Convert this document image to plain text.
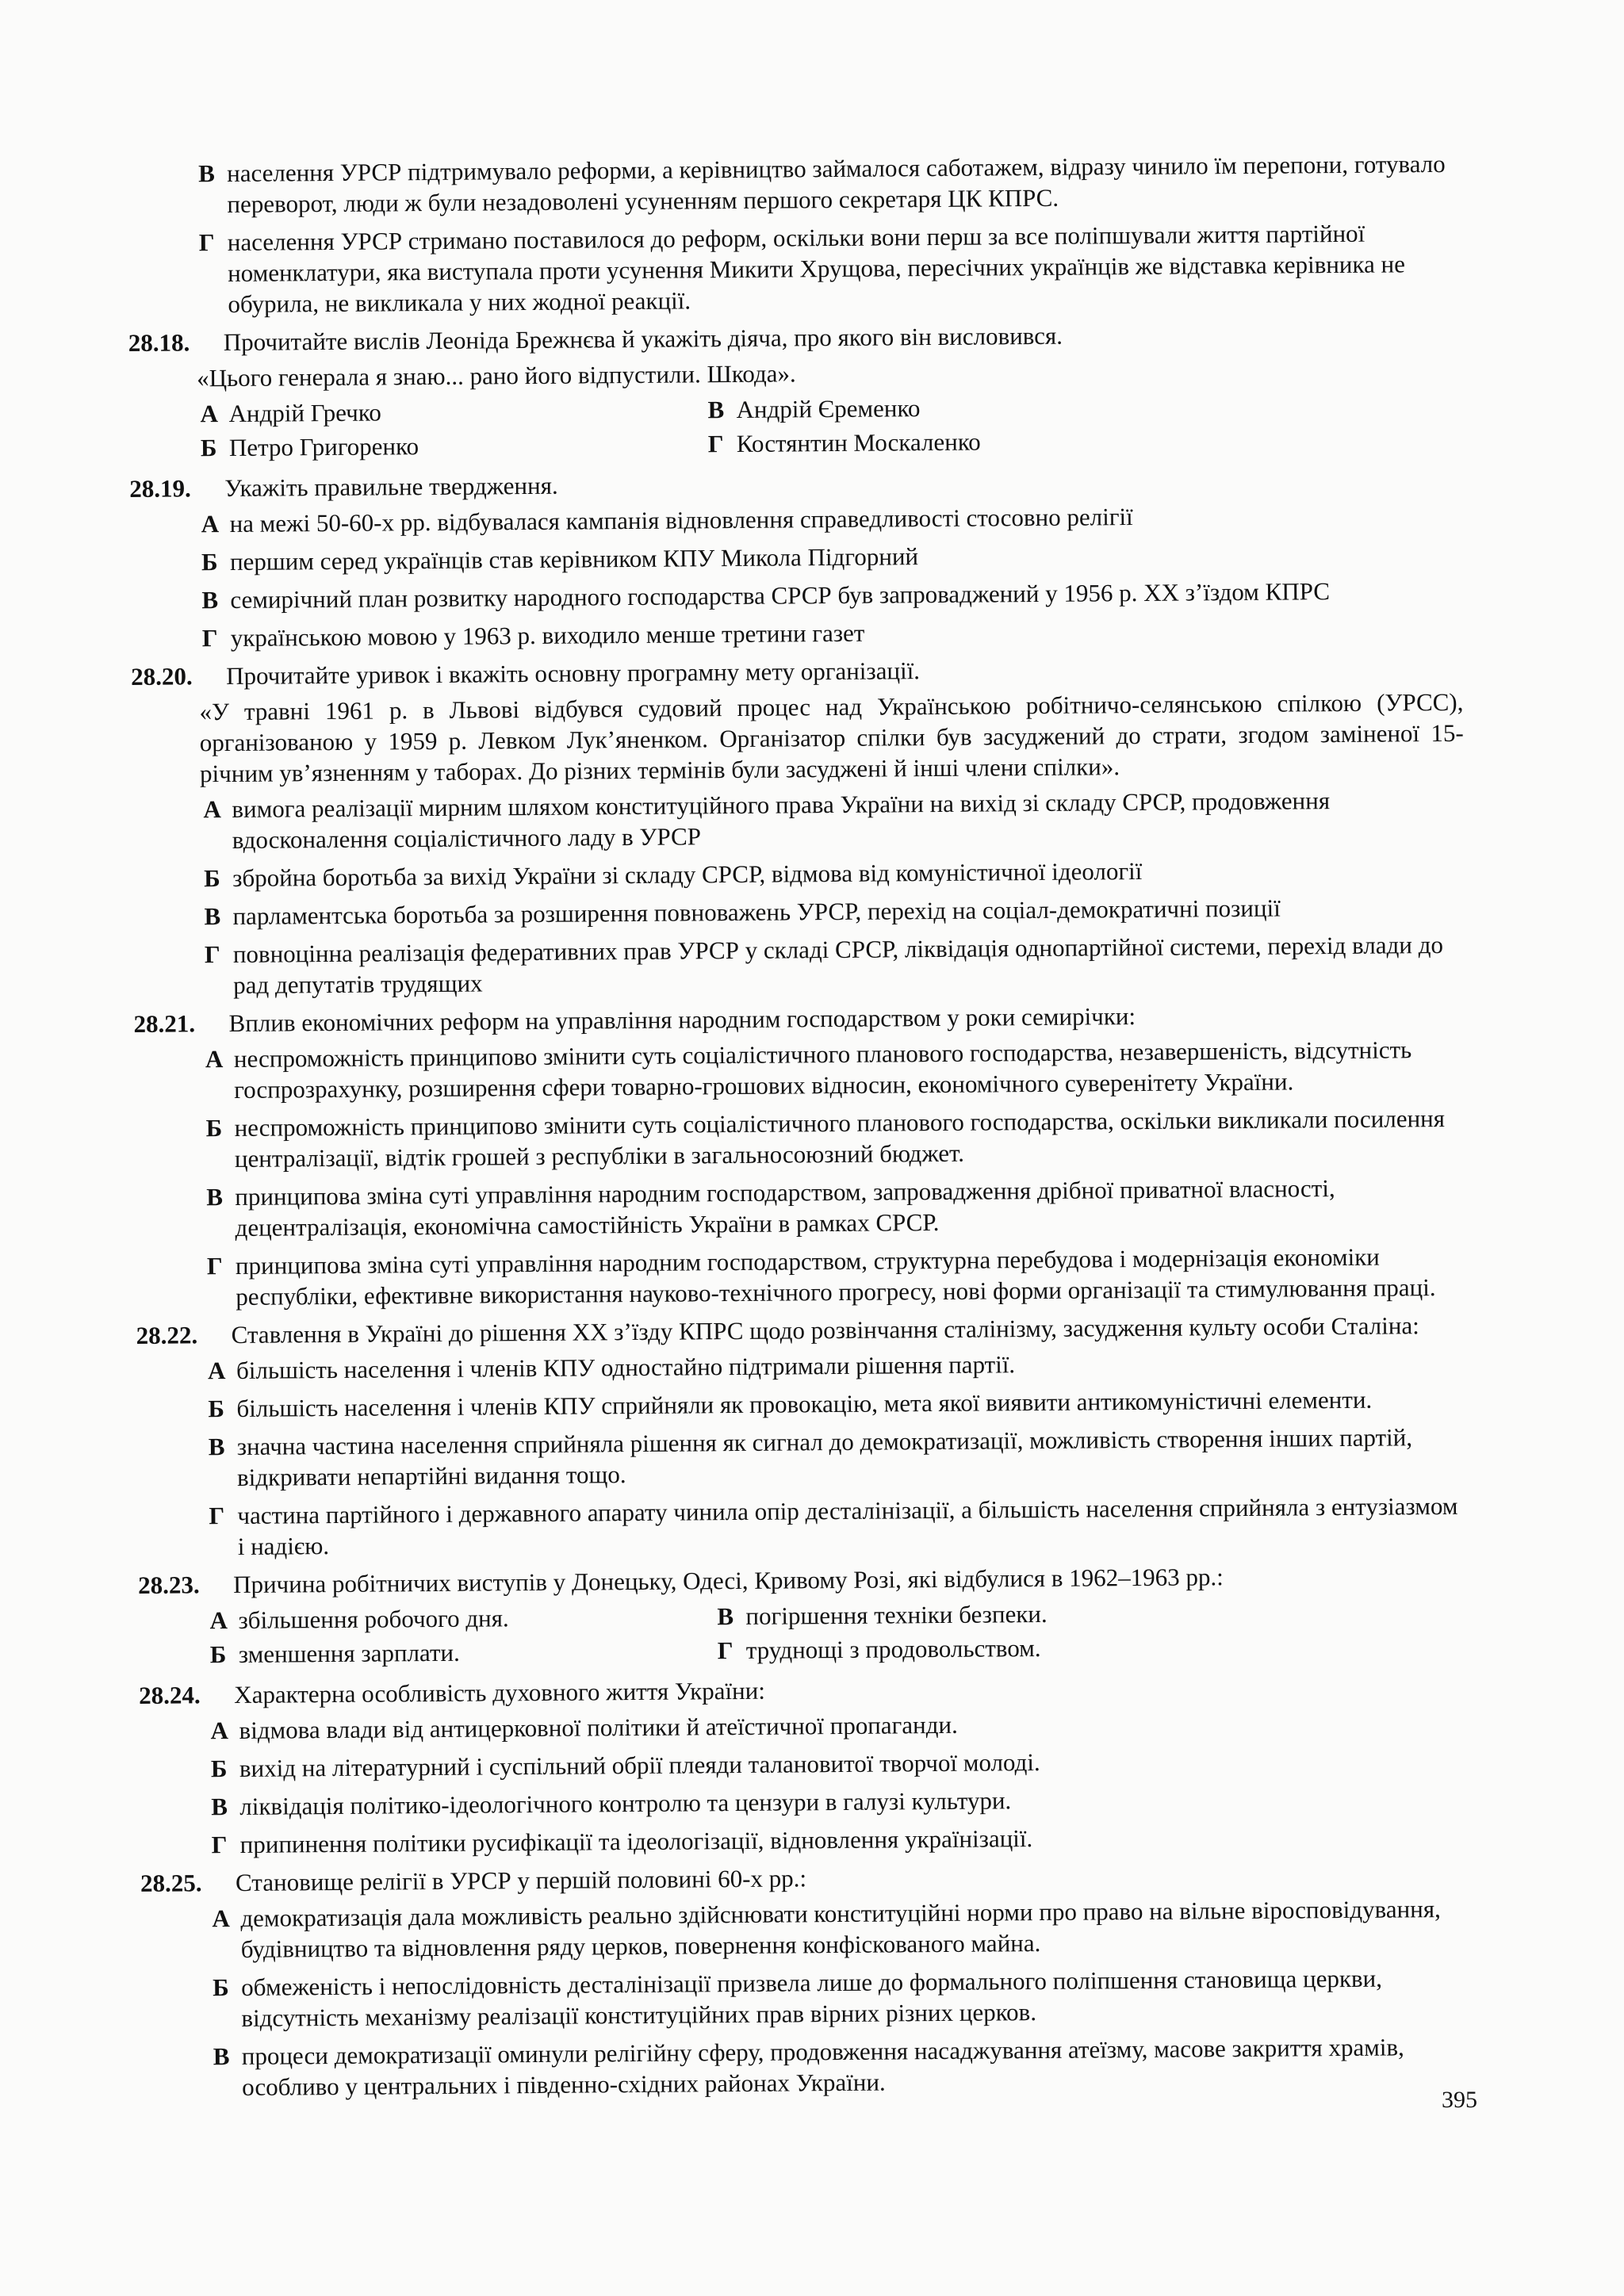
В населення УРСР підтримувало реформи, а керівництво займалося саботажем, відразу чинило їм перепони, готувало переворот, люди ж були незадоволені усуненням першого секретаря ЦК КПРС.
Г населення УРСР стримано поставилося до реформ, оскільки вони перш за все поліпшували життя партійної номенклатури, яка виступала проти усунення Микити Хрущова, пересічних українців же відставка керівника не обурила, не викликала у них жодної реакції.
28.18. Прочитайте вислів Леоніда Брежнєва й укажіть діяча, про якого він висловився.
«Цього генерала я знаю... рано його відпустили. Шкода».
А Андрій Гречко	В Андрій Єременко
Б Петро Григоренко	Г Костянтин Москаленко
28.19. Укажіть правильне твердження.
А на межі 50-60-х рр. відбувалася кампанія відновлення справедливості стосовно релігії
Б першим серед українців став керівником КПУ Микола Підгорний
В семирічний план розвитку народного господарства СРСР був запроваджений у 1956 р. ХХ з’їздом КПРС
Г українською мовою у 1963 р. виходило менше третини газет
28.20. Прочитайте уривок і вкажіть основну програмну мету організації.
«У травні 1961 р. в Львові відбувся судовий процес над Українською робітничо-селянською спілкою (УРСС), організованою у 1959 р. Левком Лук’яненком. Організатор спілки був засуджений до страти, згодом заміненої 15-річним ув’язненням у таборах. До різних термінів були засуджені й інші члени спілки».
А вимога реалізації мирним шляхом конституційного права України на вихід зі складу СРСР, продовження вдосконалення соціалістичного ладу в УРСР
Б збройна боротьба за вихід України зі складу СРСР, відмова від комуністичної ідеології
В парламентська боротьба за розширення повноважень УРСР, перехід на соціал-демократичні позиції
Г повноцінна реалізація федеративних прав УРСР у складі СРСР, ліквідація однопартійної системи, перехід влади до рад депутатів трудящих
28.21. Вплив економічних реформ на управління народним господарством у роки семирічки:
А неспроможність принципово змінити суть соціалістичного планового господарства, незавершеність, відсутність госпрозрахунку, розширення сфери товарно-грошових відносин, економічного суверенітету України.
Б неспроможність принципово змінити суть соціалістичного планового господарства, оскільки викликали посилення централізації, відтік грошей з республіки в загальносоюзний бюджет.
В принципова зміна суті управління народним господарством, запровадження дрібної приватної власності, децентралізація, економічна самостійність України в рамках СРСР.
Г принципова зміна суті управління народним господарством, структурна перебудова і модернізація економіки республіки, ефективне використання науково-технічного прогресу, нові форми організації та стимулювання праці.
28.22. Ставлення в Україні до рішення ХХ з’їзду КПРС щодо розвінчання сталінізму, засудження культу особи Сталіна:
А більшість населення і членів КПУ одностайно підтримали рішення партії.
Б більшість населення і членів КПУ сприйняли як провокацію, мета якої виявити антикомуністичні елементи.
В значна частина населення сприйняла рішення як сигнал до демократизації, можливість створення інших партій, відкривати непартійні видання тощо.
Г частина партійного і державного апарату чинила опір десталінізації, а більшість населення сприйняла з ентузіазмом і надією.
28.23. Причина робітничих виступів у Донецьку, Одесі, Кривому Розі, які відбулися в 1962–1963 рр.:
А збільшення робочого дня.	В погіршення техніки безпеки.
Б зменшення зарплати.	Г труднощі з продовольством.
28.24. Характерна особливість духовного життя України:
А відмова влади від антицерковної політики й атеїстичної пропаганди.
Б вихід на літературний і суспільний обрії плеяди талановитої творчої молоді.
В ліквідація політико-ідеологічного контролю та цензури в галузі культури.
Г припинення політики русифікації та ідеологізації, відновлення українізації.
28.25. Становище релігії в УРСР у першій половині 60-х рр.:
А демократизація дала можливість реально здійснювати конституційні норми про право на вільне віросповідування, будівництво та відновлення ряду церков, повернення конфіскованого майна.
Б обмеженість і непослідовність десталінізації призвела лише до формального поліпшення становища церкви, відсутність механізму реалізації конституційних прав вірних різних церков.
В процеси демократизації оминули релігійну сферу, продовження насаджування атеїзму, масове закриття храмів, особливо у центральних і південно-східних районах України.	395
